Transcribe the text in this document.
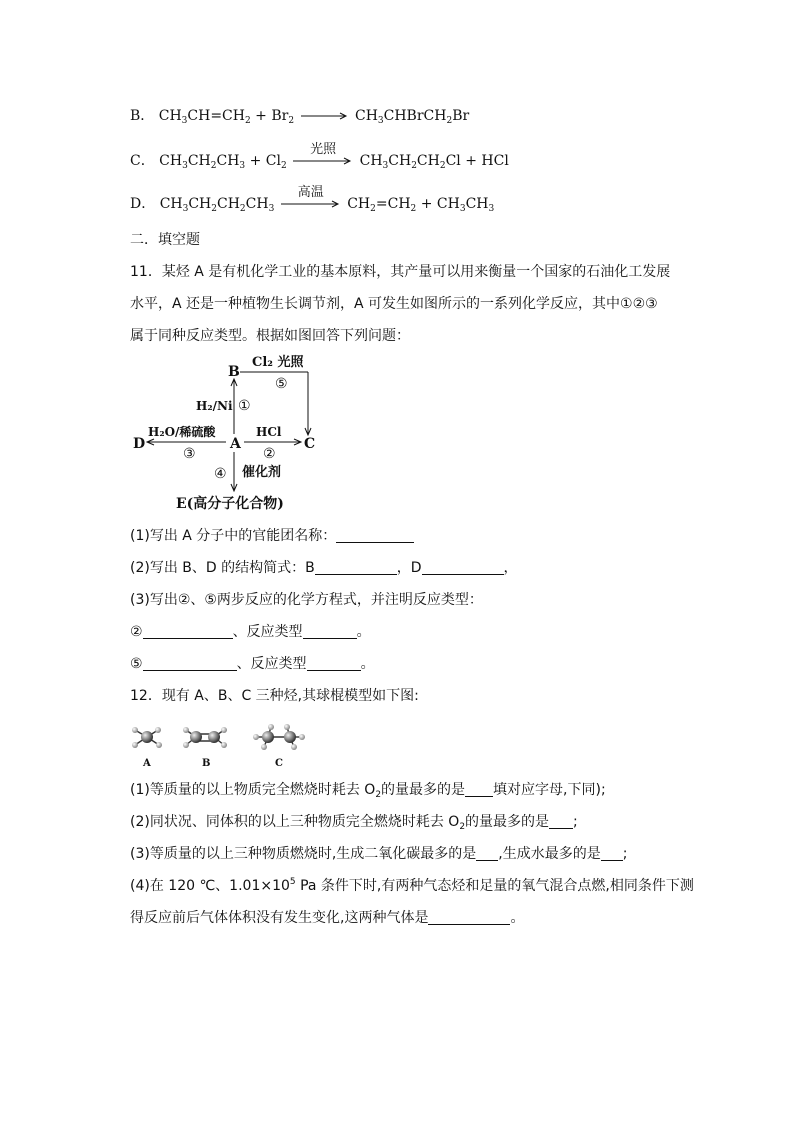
B． $CH_3CH=CH_2 + Br_2$ → $CH_3CHBrCH_2Br$
C． $CH_3CH_2CH_3 + Cl_2$
光照
$CH_3CH_2CH_2Cl$ + HCl
D． $CH_3CH_2CH_2CH_3$
高温
$CH_2=CH_2 + CH_3CH_3$
二．填空题
11．某烃 A 是有机化学工业的基本原料，其产量可以用来衡量一个国家的石油化工发展
水平，A 还是一种植物生长调节剂，A 可发生如图所示的一系列化学反应，其中①②③
属于同种反应类型。根据如图回答下列问题：
B
A	C
D
E(高分子化合物)
Cl₂ 光照
⑤
H₂/Ni ①
HCl
②
H₂O/稀硫酸
③
④ 催化剂
(1)写出 A 分子中的官能团名称：
(2)写出 B、D 的结构简式：B	，D	，
(3)写出②、⑤两步反应的化学方程式，并注明反应类型：
②	、反应类型	。
⑤	、反应类型	。
12．现有 A、B、C 三种烃,其球棍模型如下图:
A	B	C
(1)等质量的以上物质完全燃烧时耗去 $O_2$的量最多的是 填对应字母,下同);
(2)同状况、同体积的以上三种物质完全燃烧时耗去 $O_2$的量最多的是 ;
(3)等质量的以上三种物质燃烧时,生成二氧化碳最多的是 ,生成水最多的是 ;
(4)在 120 ℃、$1.01\times 10^5$ Pa 条件下时,有两种气态烃和足量的氧气混合点燃,相同条件下测
得反应前后气体体积没有发生变化,这两种气体是	。
